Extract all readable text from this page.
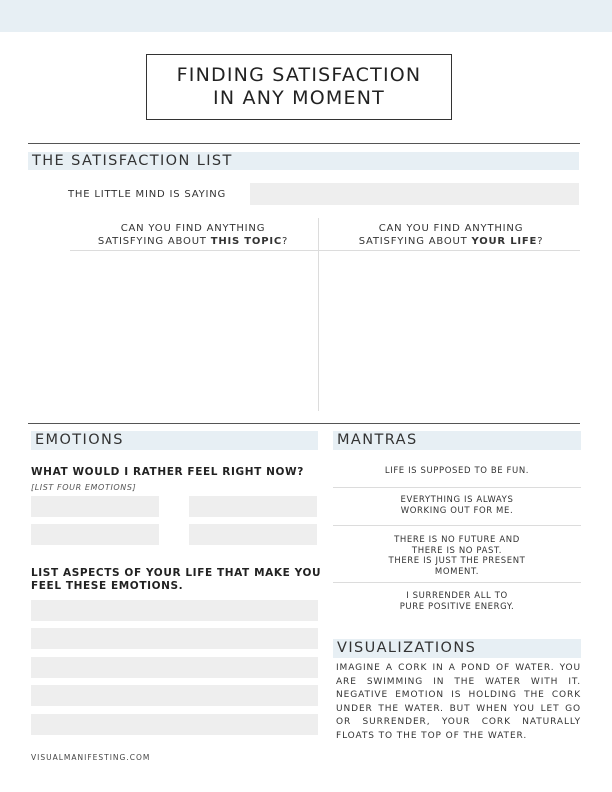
FINDING SATISFACTION
IN ANY MOMENT
THE SATISFACTION LIST
THE LITTLE MIND IS SAYING
CAN YOU FIND ANYTHING
SATISFYING ABOUT THIS TOPIC?
CAN YOU FIND ANYTHING
SATISFYING ABOUT YOUR LIFE?
EMOTIONS
WHAT WOULD I RATHER FEEL RIGHT NOW?
[LIST FOUR EMOTIONS]
LIST ASPECTS OF YOUR LIFE THAT MAKE YOU
FEEL THESE EMOTIONS.
MANTRAS
LIFE IS SUPPOSED TO BE FUN.
EVERYTHING IS ALWAYS
WORKING OUT FOR ME.
THERE IS NO FUTURE AND
THERE IS NO PAST.
THERE IS JUST THE PRESENT
MOMENT.
I SURRENDER ALL TO
PURE POSITIVE ENERGY.
VISUALIZATIONS
IMAGINE A CORK IN A POND OF WATER. YOU ARE SWIMMING IN THE WATER WITH IT. NEGATIVE EMOTION IS HOLDING THE CORK UNDER THE WATER. BUT WHEN YOU LET GO OR SURRENDER, YOUR CORK NATURALLY FLOATS TO THE TOP OF THE WATER.
VISUALMANIFESTING.COM
